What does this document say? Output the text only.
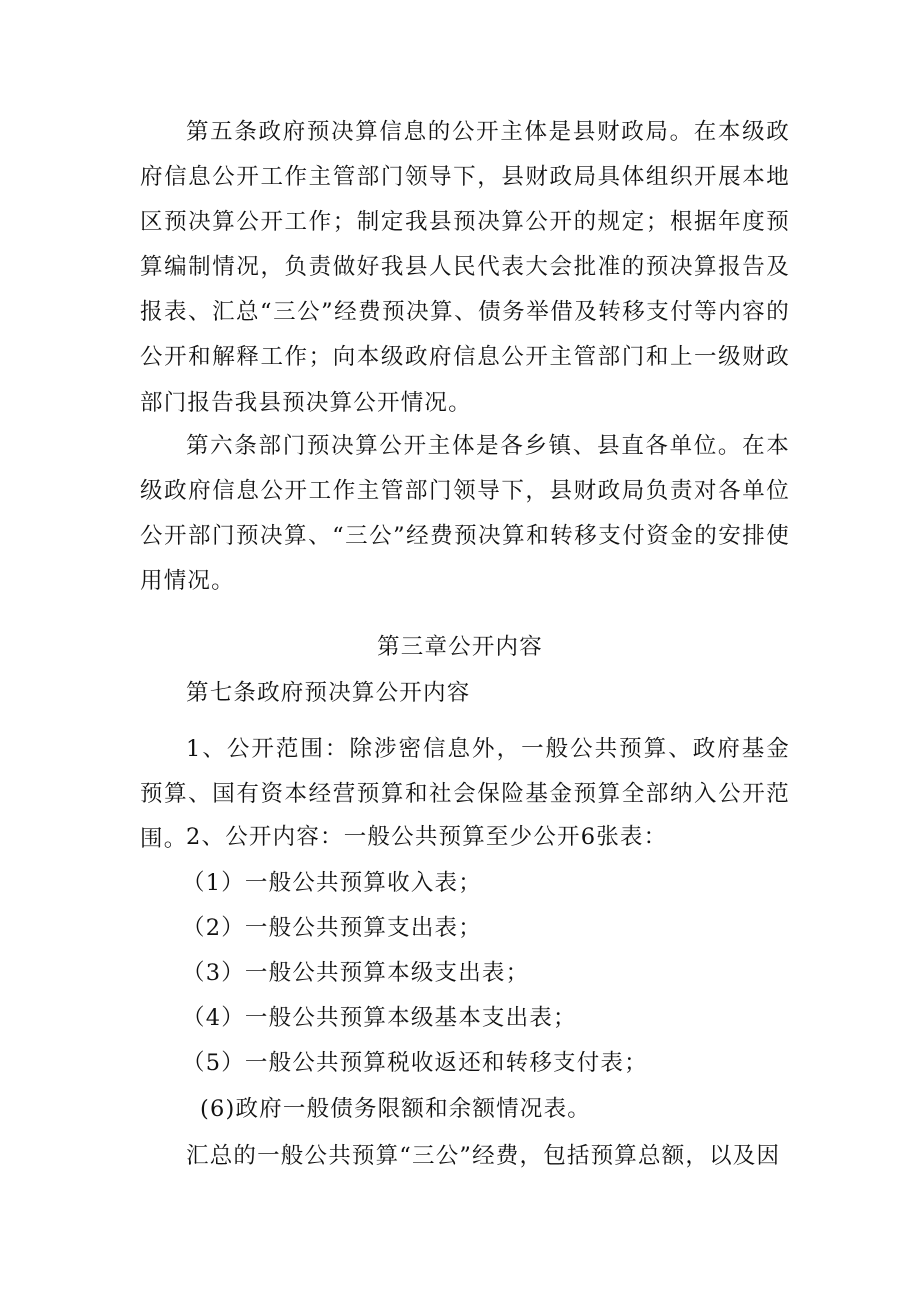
第五条政府预决算信息的公开主体是县财政局。在本级政府信息公开工作主管部门领导下，县财政局具体组织开展本地区预决算公开工作；制定我县预决算公开的规定；根据年度预算编制情况，负责做好我县人民代表大会批准的预决算报告及报表、汇总“三公”经费预决算、债务举借及转移支付等内容的公开和解释工作；向本级政府信息公开主管部门和上一级财政部门报告我县预决算公开情况。

第六条部门预决算公开主体是各乡镇、县直各单位。在本级政府信息公开工作主管部门领导下，县财政局负责对各单位公开部门预决算、“三公”经费预决算和转移支付资金的安排使用情况。

第三章公开内容

第七条政府预决算公开内容

1、公开范围：除涉密信息外，一般公共预算、政府基金预算、国有资本经营预算和社会保险基金预算全部纳入公开范围。

2、公开内容：一般公共预算至少公开6张表：

（1）一般公共预算收入表；

（2）一般公共预算支出表；

（3）一般公共预算本级支出表；

（4）一般公共预算本级基本支出表；

（5）一般公共预算税收返还和转移支付表；

(6)政府一般债务限额和余额情况表。

汇总的一般公共预算“三公”经费，包括预算总额，以及因
